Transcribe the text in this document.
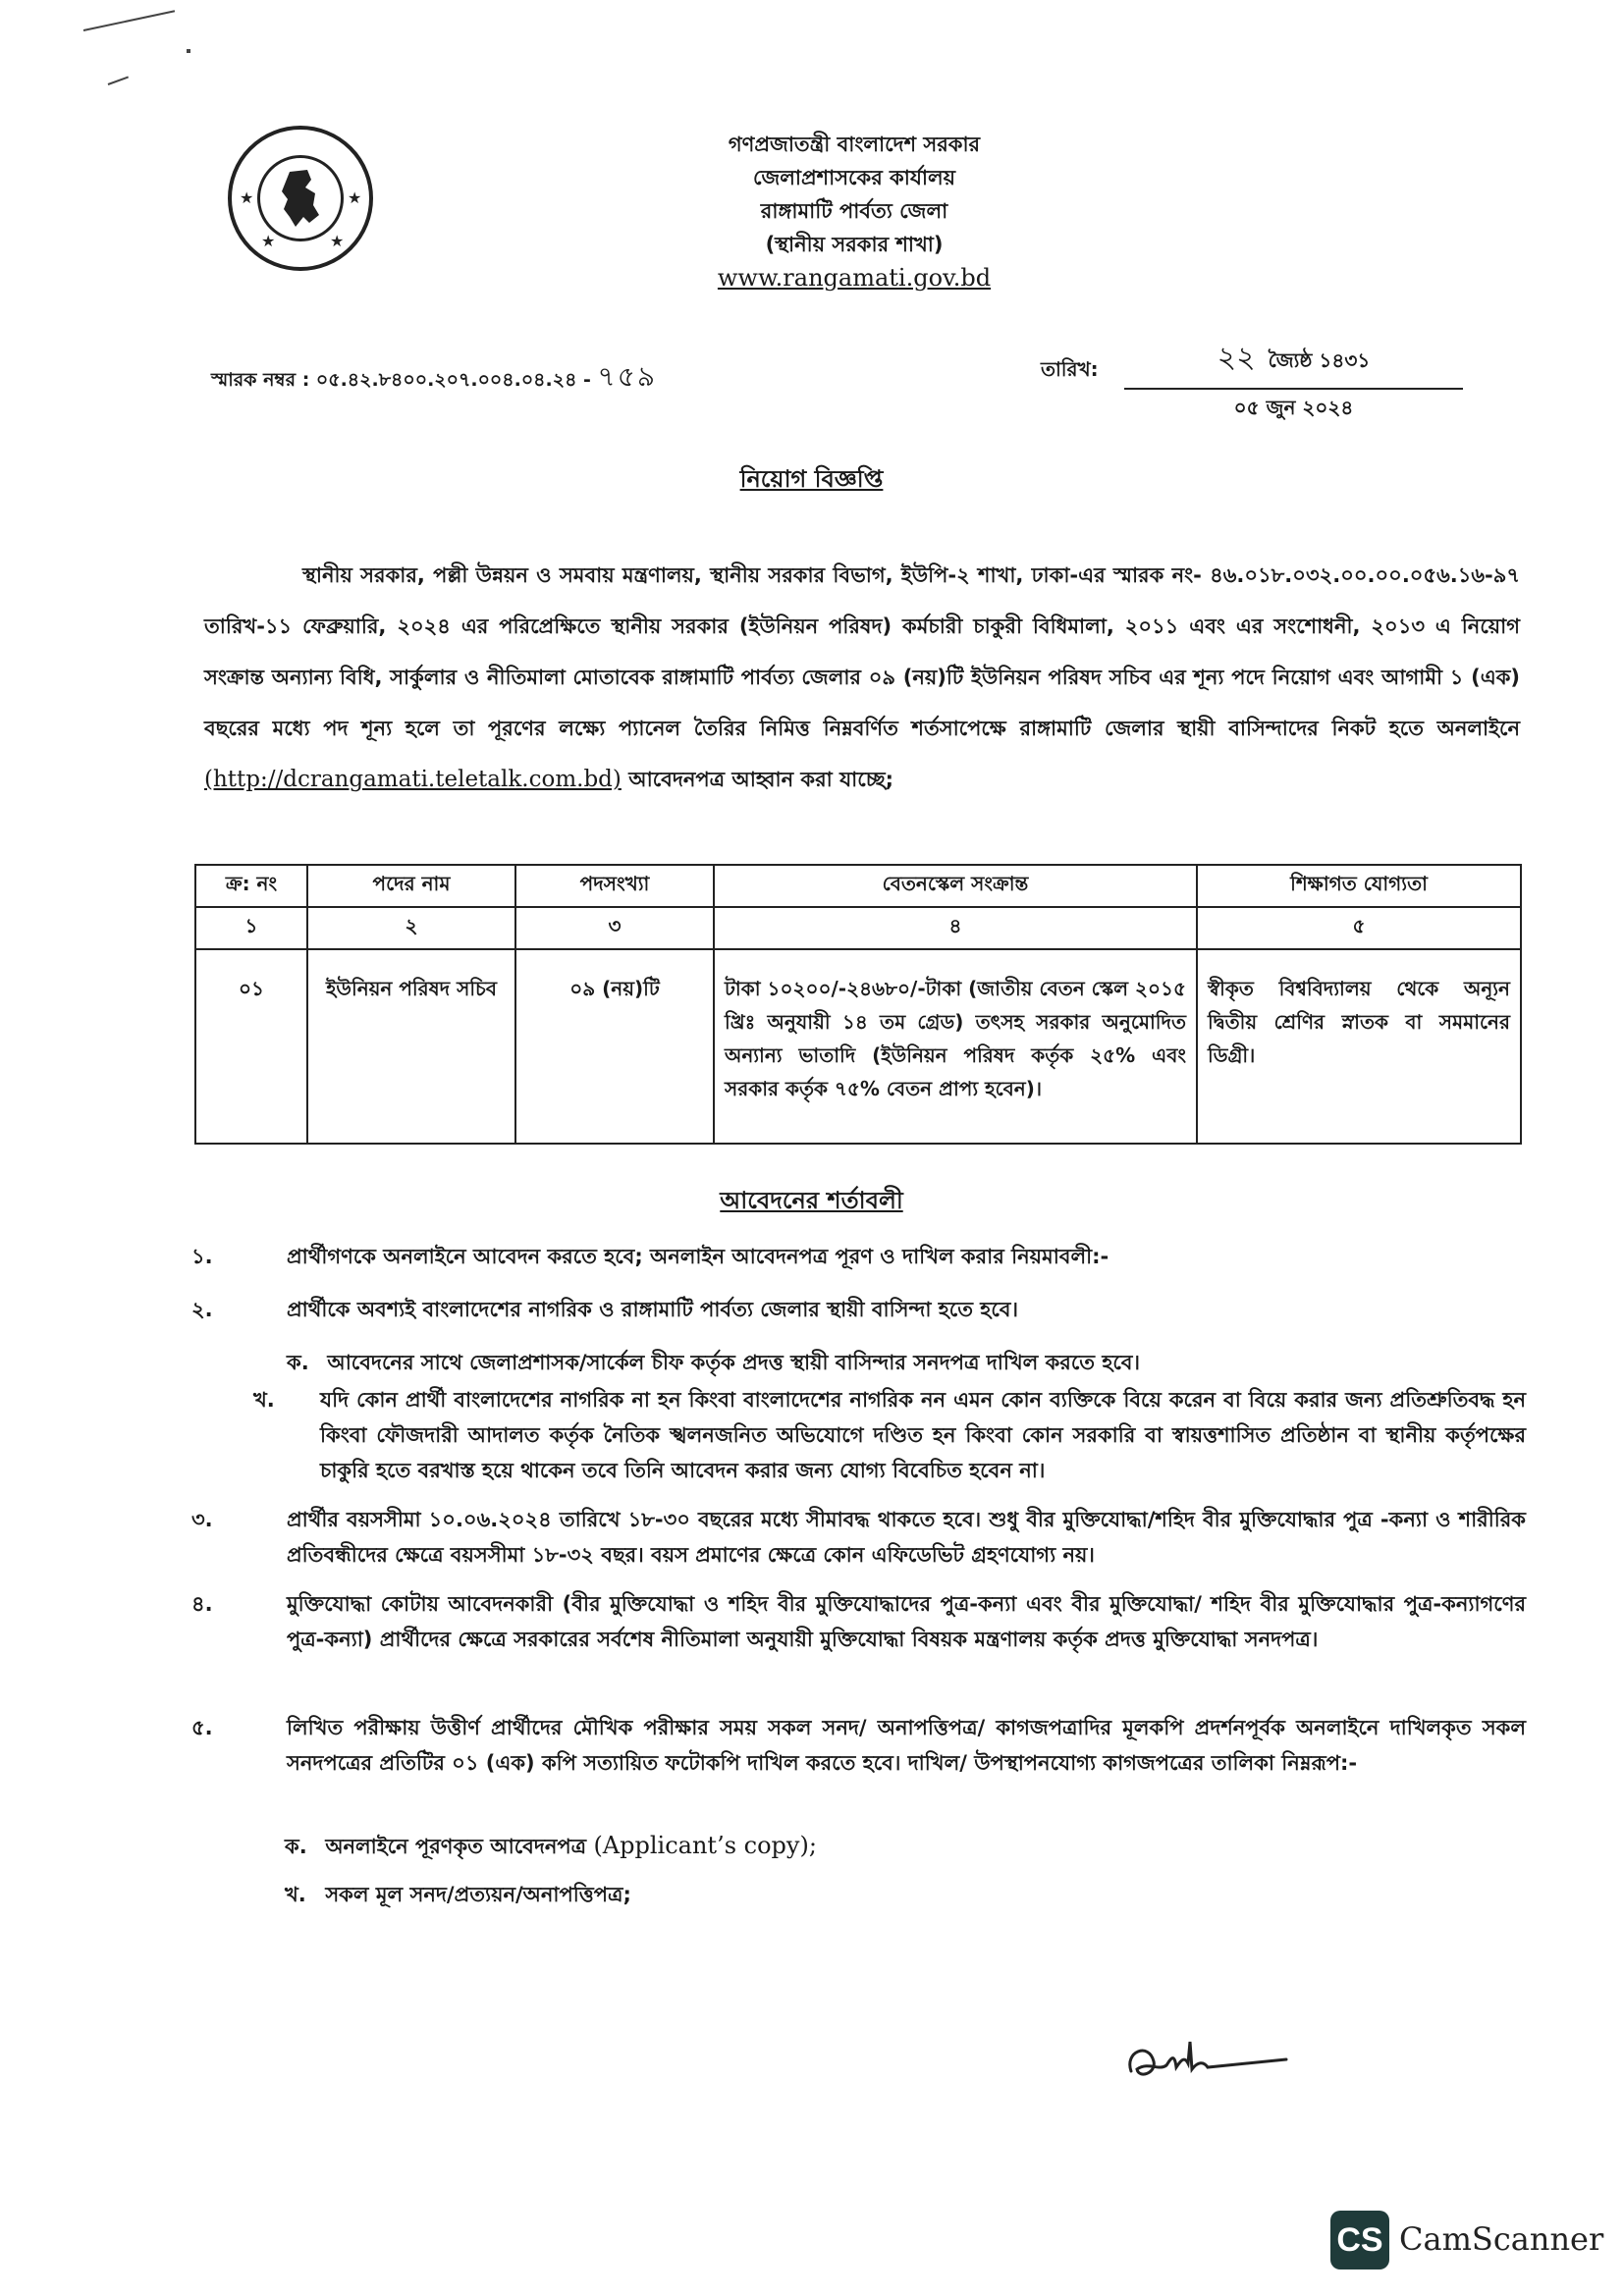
★	★
★	★
গণপ্রজাতন্ত্রী বাংলাদেশ সরকার
জেলাপ্রশাসকের কার্যালয়
রাঙ্গামাটি পার্বত্য জেলা
(স্থানীয় সরকার শাখা)
www.rangamati.gov.bd
স্মারক নম্বর : ০৫.৪২.৮৪০০.২০৭.০০৪.০৪.২৪ - ৭৫৯	তারিখ:	২২ জ্যৈষ্ঠ ১৪৩১
০৫ জুন ২০২৪
নিয়োগ বিজ্ঞপ্তি
স্থানীয় সরকার, পল্লী উন্নয়ন ও সমবায় মন্ত্রণালয়, স্থানীয় সরকার বিভাগ, ইউপি-২ শাখা, ঢাকা-এর স্মারক নং- ৪৬.০১৮.০৩২.০০.০০.০৫৬.১৬-৯৭ তারিখ-১১ ফেব্রুয়ারি, ২০২৪ এর পরিপ্রেক্ষিতে স্থানীয় সরকার (ইউনিয়ন পরিষদ) কর্মচারী চাকুরী বিধিমালা, ২০১১ এবং এর সংশোধনী, ২০১৩ এ নিয়োগ সংক্রান্ত অন্যান্য বিধি, সার্কুলার ও নীতিমালা মোতাবেক রাঙ্গামাটি পার্বত্য জেলার ০৯ (নয়)টি ইউনিয়ন পরিষদ সচিব এর শূন্য পদে নিয়োগ এবং আগামী ১ (এক) বছরের মধ্যে পদ শূন্য হলে তা পূরণের লক্ষ্যে প্যানেল তৈরির নিমিত্ত নিম্নবর্ণিত শর্তসাপেক্ষে রাঙ্গামাটি জেলার স্থায়ী বাসিন্দাদের নিকট হতে অনলাইনে (http://dcrangamati.teletalk.com.bd) আবেদনপত্র আহ্বান করা যাচ্ছে;
ক্র: নং	পদের নাম	পদসংখ্যা	বেতনস্কেল সংক্রান্ত	শিক্ষাগত যোগ্যতা
১	২	৩	৪	৫
০১	ইউনিয়ন পরিষদ সচিব	০৯ (নয়)টি	টাকা ১০২০০/-২৪৬৮০/-টাকা (জাতীয় বেতন স্কেল ২০১৫ খ্রিঃ অনুযায়ী ১৪ তম গ্রেড) তৎসহ সরকার অনুমোদিত অন্যান্য ভাতাদি (ইউনিয়ন পরিষদ কর্তৃক ২৫% এবং সরকার কর্তৃক ৭৫% বেতন প্রাপ্য হবেন)।	স্বীকৃত বিশ্ববিদ্যালয় থেকে অন্যূন দ্বিতীয় শ্রেণির স্নাতক বা সমমানের ডিগ্রী।
আবেদনের শর্তাবলী
১.	প্রার্থীগণকে অনলাইনে আবেদন করতে হবে; অনলাইন আবেদনপত্র পূরণ ও দাখিল করার নিয়মাবলী:-
২.	প্রার্থীকে অবশ্যই বাংলাদেশের নাগরিক ও রাঙ্গামাটি পার্বত্য জেলার স্থায়ী বাসিন্দা হতে হবে।
ক. আবেদনের সাথে জেলাপ্রশাসক/সার্কেল চীফ কর্তৃক প্রদত্ত স্থায়ী বাসিন্দার সনদপত্র দাখিল করতে হবে।
খ. যদি কোন প্রার্থী বাংলাদেশের নাগরিক না হন কিংবা বাংলাদেশের নাগরিক নন এমন কোন ব্যক্তিকে বিয়ে করেন বা বিয়ে করার জন্য প্রতিশ্রুতিবদ্ধ হন কিংবা ফৌজদারী আদালত কর্তৃক নৈতিক স্খলনজনিত অভিযোগে দণ্ডিত হন কিংবা কোন সরকারি বা স্বায়ত্তশাসিত প্রতিষ্ঠান বা স্থানীয় কর্তৃপক্ষের চাকুরি হতে বরখাস্ত হয়ে থাকেন তবে তিনি আবেদন করার জন্য যোগ্য বিবেচিত হবেন না।
৩.	প্রার্থীর বয়সসীমা ১০.০৬.২০২৪ তারিখে ১৮-৩০ বছরের মধ্যে সীমাবদ্ধ থাকতে হবে। শুধু বীর মুক্তিযোদ্ধা/শহিদ বীর মুক্তিযোদ্ধার পুত্র -কন্যা ও শারীরিক প্রতিবন্ধীদের ক্ষেত্রে বয়সসীমা ১৮-৩২ বছর। বয়স প্রমাণের ক্ষেত্রে কোন এফিডেভিট গ্রহণযোগ্য নয়।
৪.	মুক্তিযোদ্ধা কোটায় আবেদনকারী (বীর মুক্তিযোদ্ধা ও শহিদ বীর মুক্তিযোদ্ধাদের পুত্র-কন্যা এবং বীর মুক্তিযোদ্ধা/ শহিদ বীর মুক্তিযোদ্ধার পুত্র-কন্যাগণের পুত্র-কন্যা) প্রার্থীদের ক্ষেত্রে সরকারের সর্বশেষ নীতিমালা অনুযায়ী মুক্তিযোদ্ধা বিষয়ক মন্ত্রণালয় কর্তৃক প্রদত্ত মুক্তিযোদ্ধা সনদপত্র।
৫.	লিখিত পরীক্ষায় উত্তীর্ণ প্রার্থীদের মৌখিক পরীক্ষার সময় সকল সনদ/ অনাপত্তিপত্র/ কাগজপত্রাদির মূলকপি প্রদর্শনপূর্বক অনলাইনে দাখিলকৃত সকল সনদপত্রের প্রতিটির ০১ (এক) কপি সত্যায়িত ফটোকপি দাখিল করতে হবে। দাখিল/ উপস্থাপনযোগ্য কাগজপত্রের তালিকা নিম্নরূপ:-
ক. অনলাইনে পূরণকৃত আবেদনপত্র (Applicant’s copy);
খ. সকল মূল সনদ/প্রত্যয়ন/অনাপত্তিপত্র;
CS CamScanner
